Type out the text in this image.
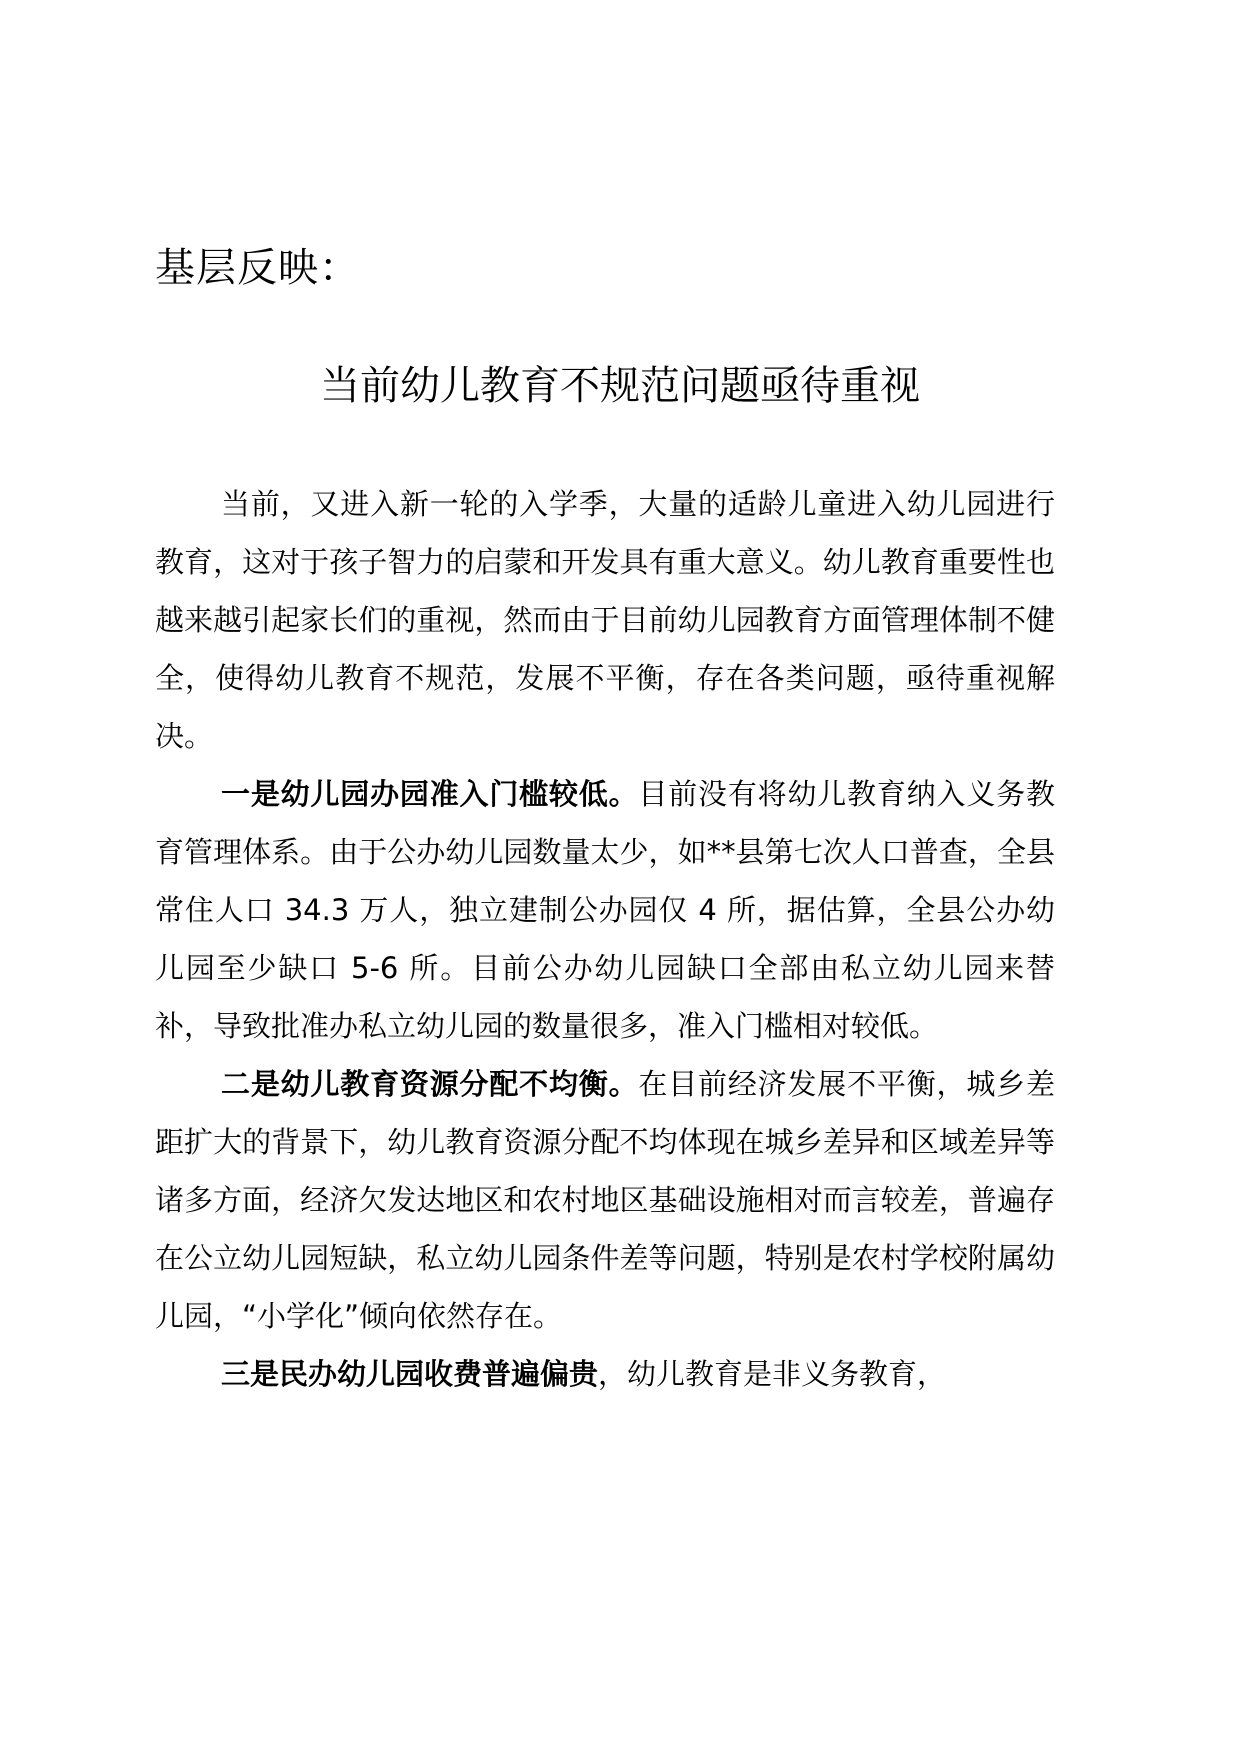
基层反映：
当前幼儿教育不规范问题亟待重视

当前，又进入新一轮的入学季，大量的适龄儿童进入幼儿园进行教育，这对于孩子智力的启蒙和开发具有重大意义。幼儿教育重要性也越来越引起家长们的重视，然而由于目前幼儿园教育方面管理体制不健全，使得幼儿教育不规范，发展不平衡，存在各类问题，亟待重视解决。

一是幼儿园办园准入门槛较低。目前没有将幼儿教育纳入义务教育管理体系。由于公办幼儿园数量太少，如**县第七次人口普查，全县常住人口 34.3 万人，独立建制公办园仅 4 所，据估算，全县公办幼儿园至少缺口 5-6 所。目前公办幼儿园缺口全部由私立幼儿园来替补，导致批准办私立幼儿园的数量很多，准入门槛相对较低。

二是幼儿教育资源分配不均衡。在目前经济发展不平衡，城乡差距扩大的背景下，幼儿教育资源分配不均体现在城乡差异和区域差异等诸多方面，经济欠发达地区和农村地区基础设施相对而言较差，普遍存在公立幼儿园短缺，私立幼儿园条件差等问题，特别是农村学校附属幼儿园，“小学化”倾向依然存在。

三是民办幼儿园收费普遍偏贵，幼儿教育是非义务教育，
